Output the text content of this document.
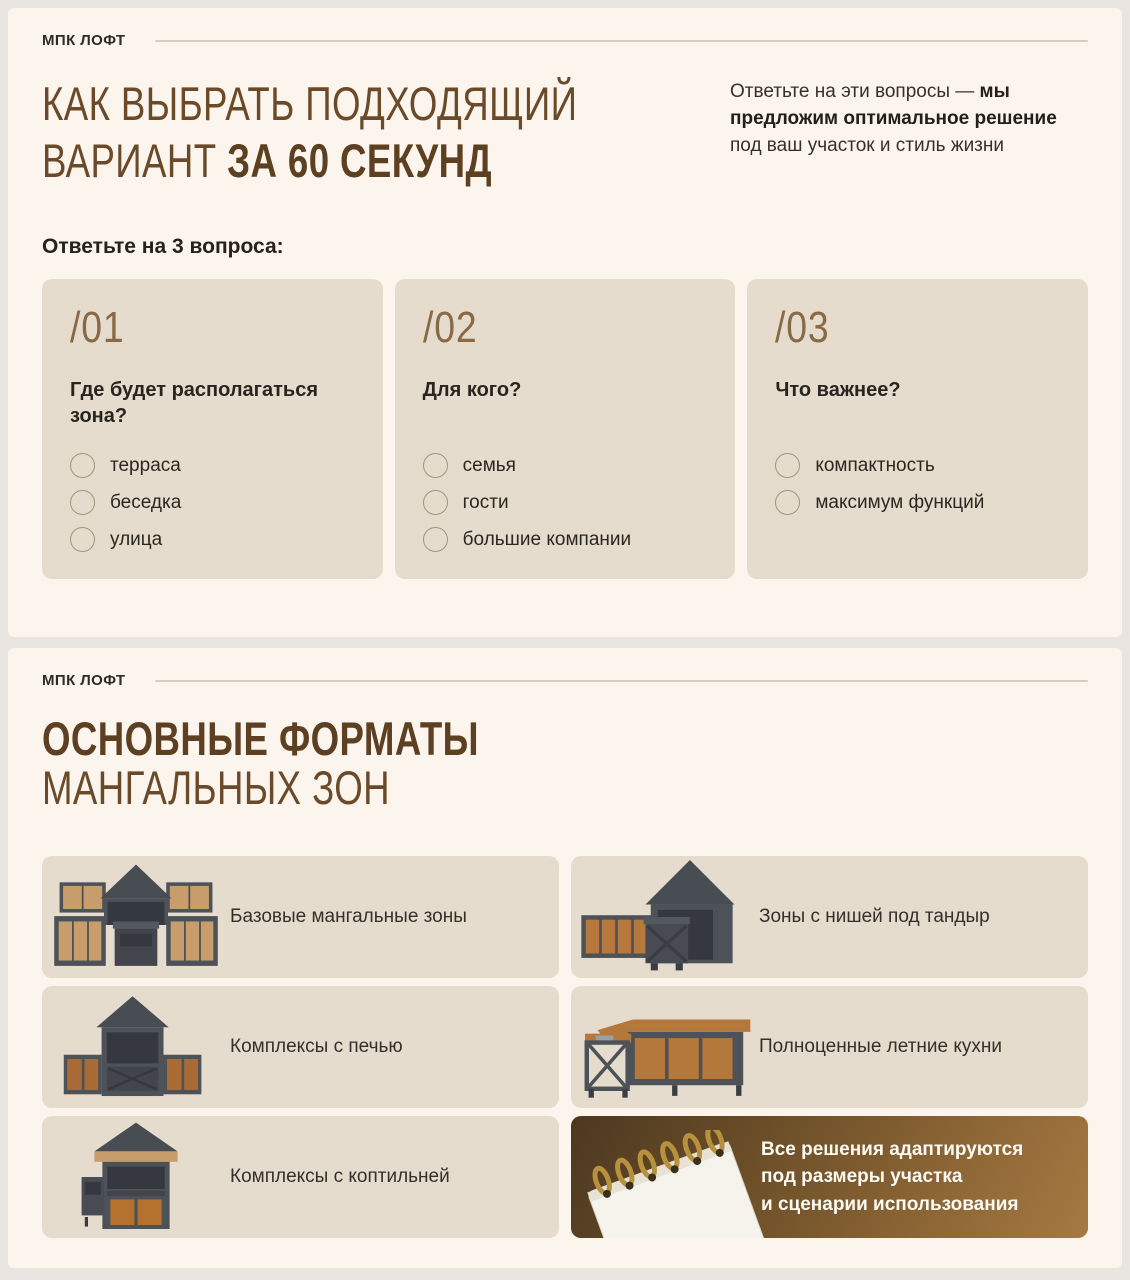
МПК ЛОФТ
КАК ВЫБРАТЬ ПОДХОДЯЩИЙ
ВАРИАНТ ЗА 60 СЕКУНД

Ответьте на эти вопросы — мы предложим оптимальное решение под ваш участок и стиль жизни

Ответьте на 3 вопроса:
/01
Где будет располагаться зона?
терраса
беседка
улица
/02
Для кого?
семья
гости
большие компании
/03
Что важнее?
компактность
максимум функций
МПК ЛОФТ
ОСНОВНЫЕ ФОРМАТЫ
МАНГАЛЬНЫХ ЗОН
Базовые мангальные зоны	Зоны с нишей под тандыр
Комплексы с печью	Полноценные летние кухни
Комплексы с коптильней
Все решения адаптируются
под размеры участка
и сценарии использования
